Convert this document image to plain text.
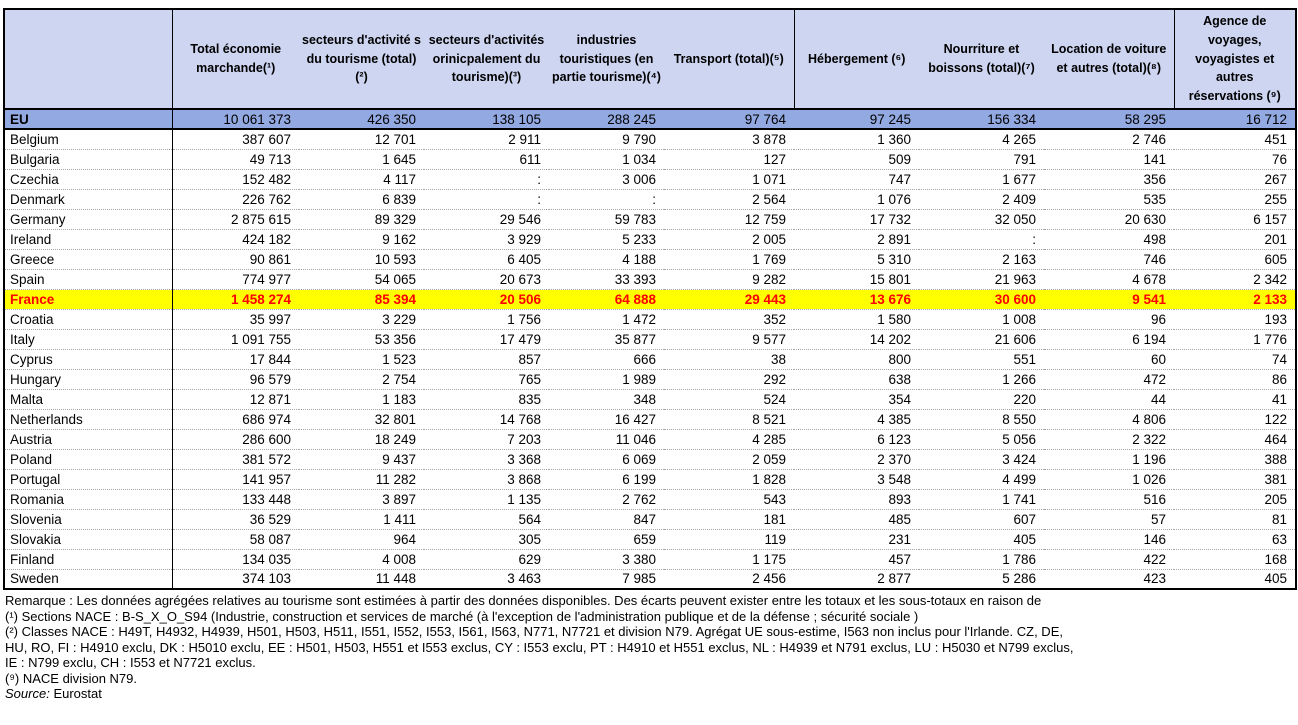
	Total économie marchande(¹)	secteurs d'activité s du tourisme (total)(²)	secteurs d'activités orinicpalement du tourisme)(³)	industries touristiques (en partie tourisme)(⁴)	Transport (total)(⁵)	Hébergement (⁶)	Nourriture et boissons (total)(⁷)	Location de voiture et autres (total)(⁸)	Agence de voyages, voyagistes et autres réservations (⁹)
EU	10 061 373	426 350	138 105	288 245	97 764	97 245	156 334	58 295	16 712
Belgium	387 607	12 701	2 911	9 790	3 878	1 360	4 265	2 746	451
Bulgaria	49 713	1 645	611	1 034	127	509	791	141	76
Czechia	152 482	4 117	:	3 006	1 071	747	1 677	356	267
Denmark	226 762	6 839	:	:	2 564	1 076	2 409	535	255
Germany	2 875 615	89 329	29 546	59 783	12 759	17 732	32 050	20 630	6 157
Ireland	424 182	9 162	3 929	5 233	2 005	2 891	:	498	201
Greece	90 861	10 593	6 405	4 188	1 769	5 310	2 163	746	605
Spain	774 977	54 065	20 673	33 393	9 282	15 801	21 963	4 678	2 342
France	1 458 274	85 394	20 506	64 888	29 443	13 676	30 600	9 541	2 133
Croatia	35 997	3 229	1 756	1 472	352	1 580	1 008	96	193
Italy	1 091 755	53 356	17 479	35 877	9 577	14 202	21 606	6 194	1 776
Cyprus	17 844	1 523	857	666	38	800	551	60	74
Hungary	96 579	2 754	765	1 989	292	638	1 266	472	86
Malta	12 871	1 183	835	348	524	354	220	44	41
Netherlands	686 974	32 801	14 768	16 427	8 521	4 385	8 550	4 806	122
Austria	286 600	18 249	7 203	11 046	4 285	6 123	5 056	2 322	464
Poland	381 572	9 437	3 368	6 069	2 059	2 370	3 424	1 196	388
Portugal	141 957	11 282	3 868	6 199	1 828	3 548	4 499	1 026	381
Romania	133 448	3 897	1 135	2 762	543	893	1 741	516	205
Slovenia	36 529	1 411	564	847	181	485	607	57	81
Slovakia	58 087	964	305	659	119	231	405	146	63
Finland	134 035	4 008	629	3 380	1 175	457	1 786	422	168
Sweden	374 103	11 448	3 463	7 985	2 456	2 877	5 286	423	405
Remarque : Les données agrégées relatives au tourisme sont estimées à partir des données disponibles. Des écarts peuvent exister entre les totaux et les sous-totaux en raison de
(¹) Sections NACE : B-S_X_O_S94 (Industrie, construction et services de marché (à l'exception de l'administration publique et de la défense ; sécurité sociale )
(²) Classes NACE : H49T, H4932, H4939, H501, H503, H511, I551, I552, I553, I561, I563, N771, N7721 et division N79. Agrégat UE sous-estime, I563 non inclus pour l'Irlande. CZ, DE,
HU, RO, FI : H4910 exclu, DK : H5010 exclu, EE : H501, H503, H551 et I553 exclus, CY : I553 exclu, PT : H4910 et H551 exclus, NL : H4939 et N791 exclus, LU : H5030 et N799 exclus,
IE : N799 exclu, CH : I553 et N7721 exclus.
(⁹) NACE division N79.
Source: Eurostat
